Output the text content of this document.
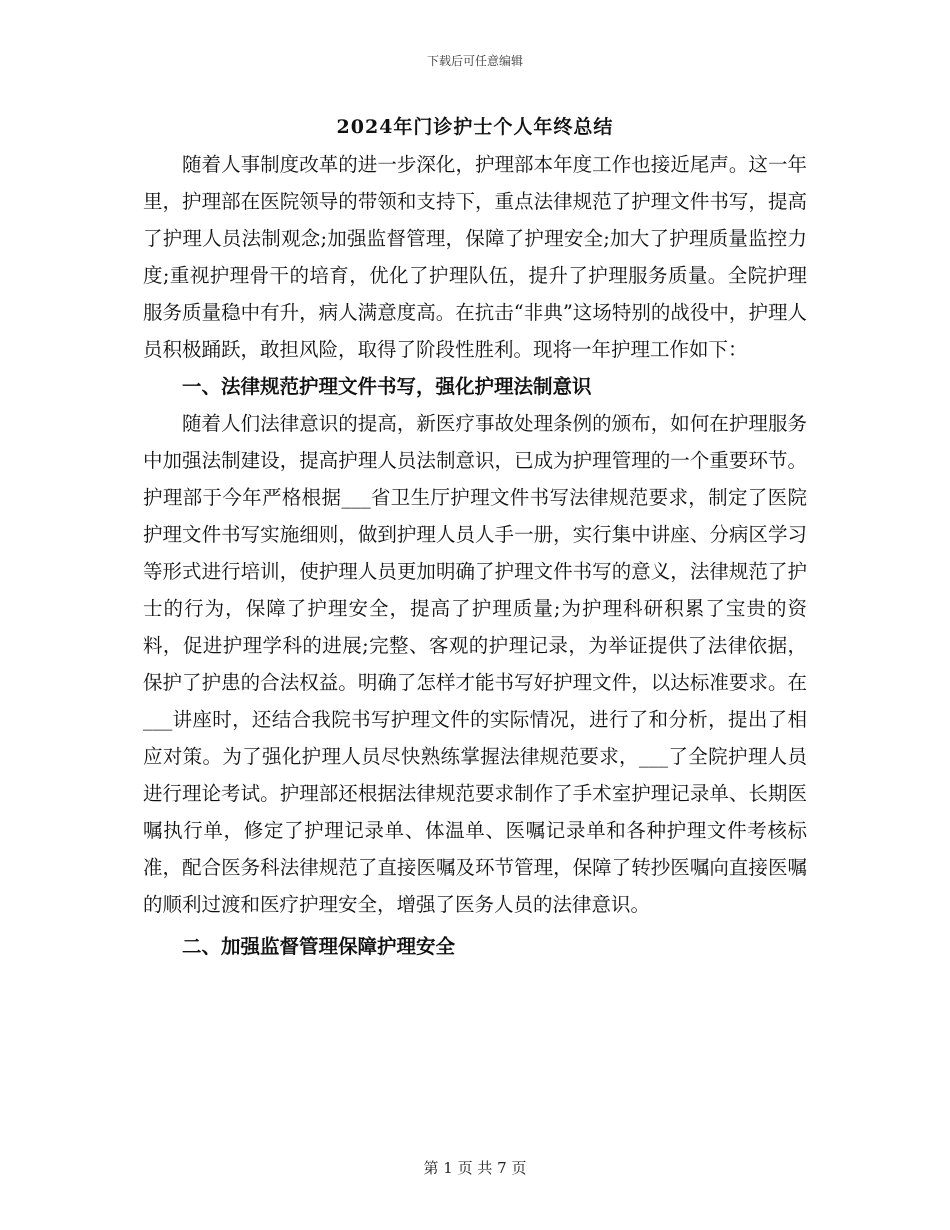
下载后可任意编辑
2024年门诊护士个人年终总结

随着人事制度改革的进一步深化，护理部本年度工作也接近尾声。这一年里，护理部在医院领导的带领和支持下，重点法律规范了护理文件书写，提高了护理人员法制观念;加强监督管理，保障了护理安全;加大了护理质量监控力度;重视护理骨干的培育，优化了护理队伍，提升了护理服务质量。全院护理服务质量稳中有升，病人满意度高。在抗击“非典”这场特别的战役中，护理人员积极踊跃，敢担风险，取得了阶段性胜利。现将一年护理工作如下：

一、法律规范护理文件书写，强化护理法制意识

随着人们法律意识的提高，新医疗事故处理条例的颁布，如何在护理服务中加强法制建设，提高护理人员法制意识，已成为护理管理的一个重要环节。护理部于今年严格根据___省卫生厅护理文件书写法律规范要求，制定了医院护理文件书写实施细则，做到护理人员人手一册，实行集中讲座、分病区学习等形式进行培训，使护理人员更加明确了护理文件书写的意义，法律规范了护士的行为，保障了护理安全，提高了护理质量;为护理科研积累了宝贵的资料，促进护理学科的进展;完整、客观的护理记录，为举证提供了法律依据，保护了护患的合法权益。明确了怎样才能书写好护理文件，以达标准要求。在___讲座时，还结合我院书写护理文件的实际情况，进行了和分析，提出了相应对策。为了强化护理人员尽快熟练掌握法律规范要求，___了全院护理人员进行理论考试。护理部还根据法律规范要求制作了手术室护理记录单、长期医嘱执行单，修定了护理记录单、体温单、医嘱记录单和各种护理文件考核标准，配合医务科法律规范了直接医嘱及环节管理，保障了转抄医嘱向直接医嘱的顺利过渡和医疗护理安全，增强了医务人员的法律意识。

二、加强监督管理保障护理安全
第 1 页 共 7 页
